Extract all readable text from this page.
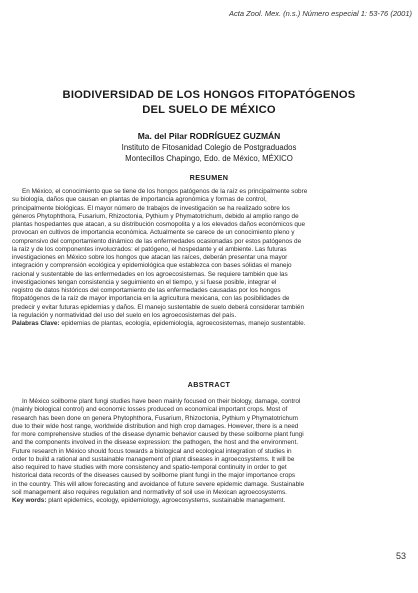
Acta Zool. Mex. (n.s.) Número especial 1: 53-76 (2001)
BIODIVERSIDAD DE LOS HONGOS FITOPATÓGENOS
DEL SUELO DE MÉXICO
Ma. del Pilar RODRÍGUEZ GUZMÁN
Instituto de Fitosanidad Colegio de Postgraduados
Montecillos Chapingo, Edo. de México, MÉXICO
RESUMEN
En México, el conocimiento que se tiene de los hongos patógenos de la raíz es principalmente sobre
su biología, daños que causan en plantas de importancia agronómica y formas de control,
principalmente biológicas. El mayor número de trabajos de investigación se ha realizado sobre los
géneros Phytophthora, Fusarium, Rhizoctonia, Pythium y Phymatotrichum, debido al amplio rango de
plantas hospedantes que atacan, a su distribución cosmopolita y a los elevados daños económicos que
provocan en cultivos de importancia económica. Actualmente se carece de un conocimiento pleno y
comprensivo del comportamiento dinámico de las enfermedades ocasionadas por estos patógenos de
la raíz y de los componentes involucrados: el patógeno, el hospedante y el ambiente. Las futuras
investigaciones en México sobre los hongos que atacan las raíces, deberán presentar una mayor
integración y comprensión ecológica y epidemiológica que establezca con bases sólidas el manejo
racional y sustentable de las enfermedades en los agroecosistemas. Se requiere también que las
investigaciones tengan consistencia y seguimiento en el tiempo, y si fuese posible, integrar el
registro de datos históricos del comportamiento de las enfermedades causadas por los hongos
fitopatógenos de la raíz de mayor importancia en la agricultura mexicana, con las posibilidades de
predecir y evitar futuras epidemias y daños. El manejo sustentable de suelo deberá considerar también
la regulación y normatividad del uso del suelo en los agroecosistemas del país.
Palabras Clave: epidemias de plantas, ecología, epidemiología, agroecosistemas, manejo sustentable.
ABSTRACT
In México soilborne plant fungi studies have been mainly focused on their biology, damage, control
(mainly biological control) and economic losses produced on economical important crops. Most of
research has been done on genera Phytophthora, Fusarium, Rhizoctonia, Pythium y Phymatotrichum
due to their wide host range, worldwide distribution and high crop damages. However, there is a need
for more comprehensive studies of the disease dynamic behavior caused by these soilborne plant fungi
and the components involved in the disease expression: the pathogen, the host and the environment.
Future research in México should focus towards a biological and ecological integration of studies in
order to build a rational and sustainable management of plant diseases in agroecosystems. It will be
also required to have studies with more consistency and spatio-temporal continuity in order to get
historical data records of the diseases caused by soilborne plant fungi in the major importance crops
in the country. This will allow forecasting and avoidance of future severe epidemic damage. Sustainable
soil management also requires regulation and normativity of soil use in Mexican agroecosystems.
Key words: plant epidemics, ecology, epidemiology, agroecosystems, sustainable management.
53
